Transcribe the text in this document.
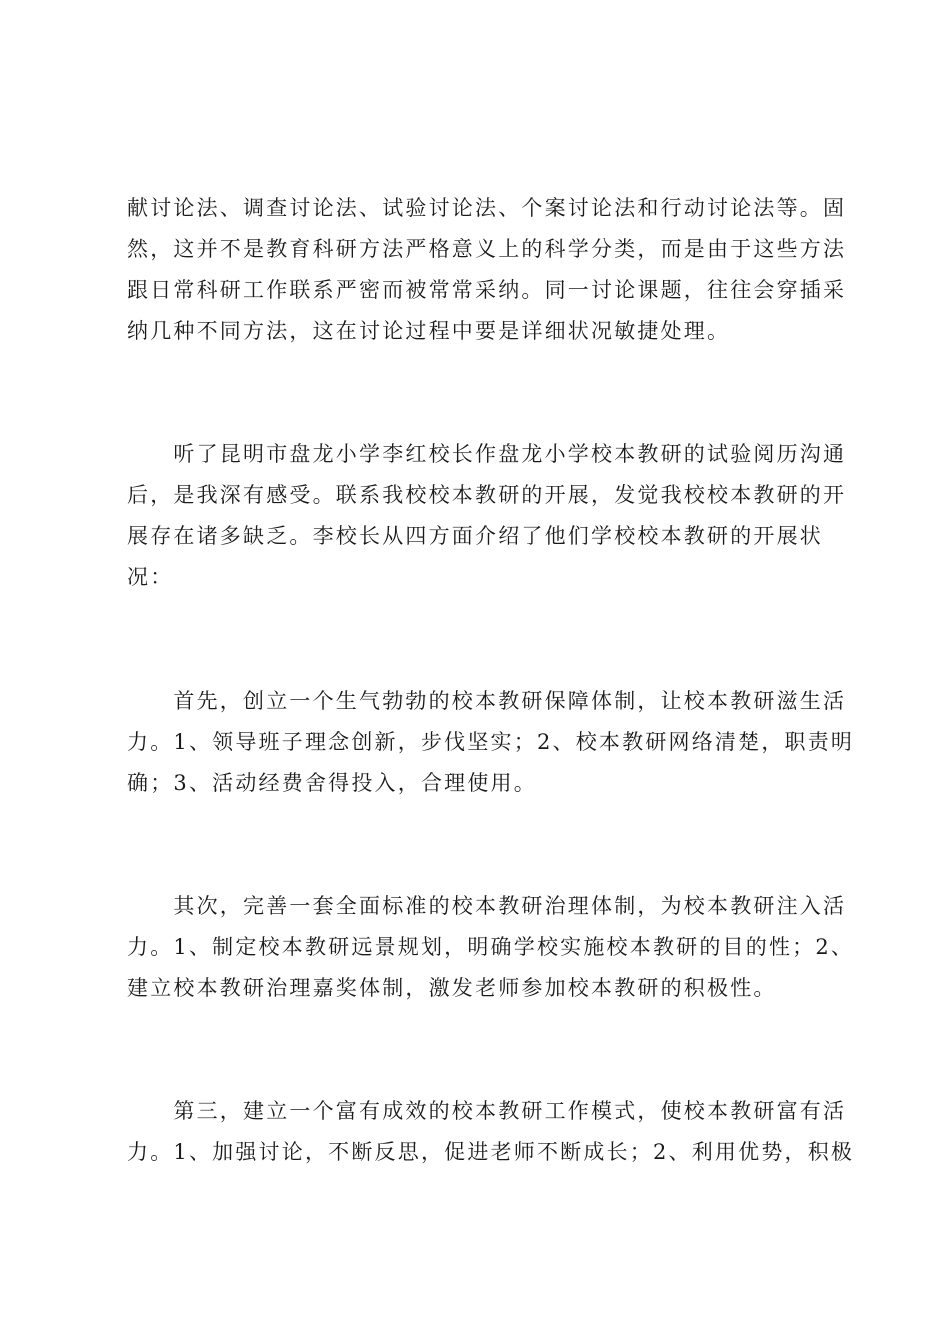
献讨论法、调查讨论法、试验讨论法、个案讨论法和行动讨论法等。固
然，这并不是教育科研方法严格意义上的科学分类，而是由于这些方法
跟日常科研工作联系严密而被常常采纳。同一讨论课题，往往会穿插采
纳几种不同方法，这在讨论过程中要是详细状况敏捷处理。
　　听了昆明市盘龙小学李红校长作盘龙小学校本教研的试验阅历沟通
后，是我深有感受。联系我校校本教研的开展，发觉我校校本教研的开
展存在诸多缺乏。李校长从四方面介绍了他们学校校本教研的开展状
况：
　　首先，创立一个生气勃勃的校本教研保障体制，让校本教研滋生活
力。1、领导班子理念创新，步伐坚实；2、校本教研网络清楚，职责明
确；3、活动经费舍得投入，合理使用。
　　其次，完善一套全面标准的校本教研治理体制，为校本教研注入活
力。1、制定校本教研远景规划，明确学校实施校本教研的目的性；2、
建立校本教研治理嘉奖体制，激发老师参加校本教研的积极性。
　　第三，建立一个富有成效的校本教研工作模式，使校本教研富有活
力。1、加强讨论，不断反思，促进老师不断成长；2、利用优势，积极
